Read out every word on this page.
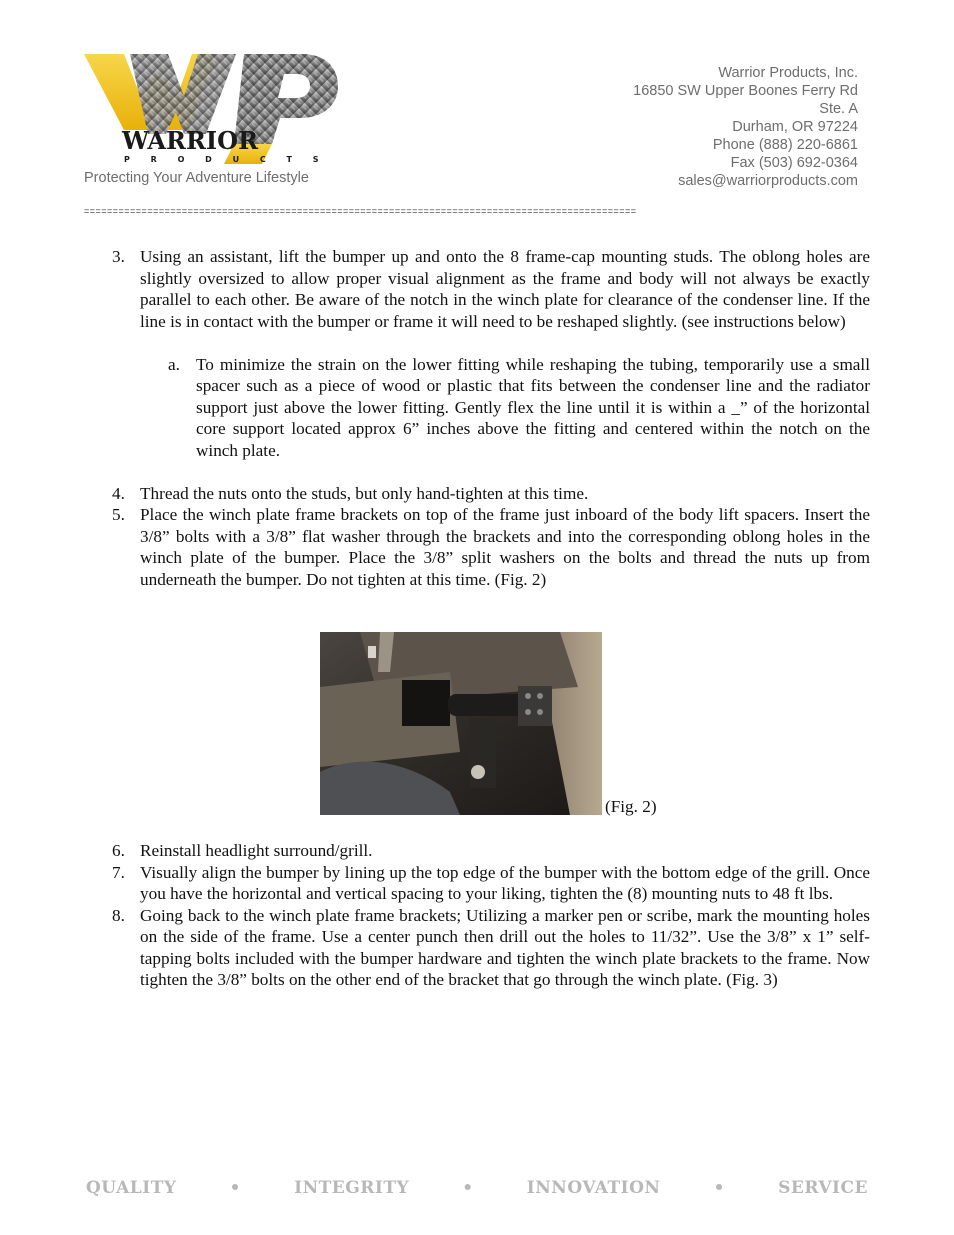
WARRIOR
P R O D U C T S
Protecting Your Adventure Lifestyle
Warrior Products, Inc.
16850 SW Upper Boones Ferry Rd
Ste. A
Durham, OR 97224
Phone (888) 220-6861
Fax (503) 692-0364
sales@warriorproducts.com
================================================================================================
3. Using an assistant, lift the bumper up and onto the 8 frame-cap mounting studs. The oblong holes are slightly oversized to allow proper visual alignment as the frame and body will not always be exactly parallel to each other. Be aware of the notch in the winch plate for clearance of the condenser line. If the line is in contact with the bumper or frame it will need to be reshaped slightly. (see instructions below)
a. To minimize the strain on the lower fitting while reshaping the tubing, temporarily use a small spacer such as a piece of wood or plastic that fits between the condenser line and the radiator support just above the lower fitting. Gently flex the line until it is within a _” of the horizontal core support located approx 6” inches above the fitting and centered within the notch on the winch plate.
4. Thread the nuts onto the studs, but only hand-tighten at this time.
5. Place the winch plate frame brackets on top of the frame just inboard of the body lift spacers. Insert the 3/8” bolts with a 3/8” flat washer through the brackets and into the corresponding oblong holes in the winch plate of the bumper. Place the 3/8” split washers on the bolts and thread the nuts up from underneath the bumper. Do not tighten at this time. (Fig. 2)
(Fig. 2)
6. Reinstall headlight surround/grill.
7. Visually align the bumper by lining up the top edge of the bumper with the bottom edge of the grill. Once you have the horizontal and vertical spacing to your liking, tighten the (8) mounting nuts to 48 ft lbs.
8. Going back to the winch plate frame brackets; Utilizing a marker pen or scribe, mark the mounting holes on the side of the frame. Use a center punch then drill out the holes to 11/32”. Use the 3/8” x 1” self-tapping bolts included with the bumper hardware and tighten the winch plate brackets to the frame. Now tighten the 3/8” bolts on the other end of the bracket that go through the winch plate. (Fig. 3)
QUALITY	•	INTEGRITY	•	INNOVATION	•	SERVICE
